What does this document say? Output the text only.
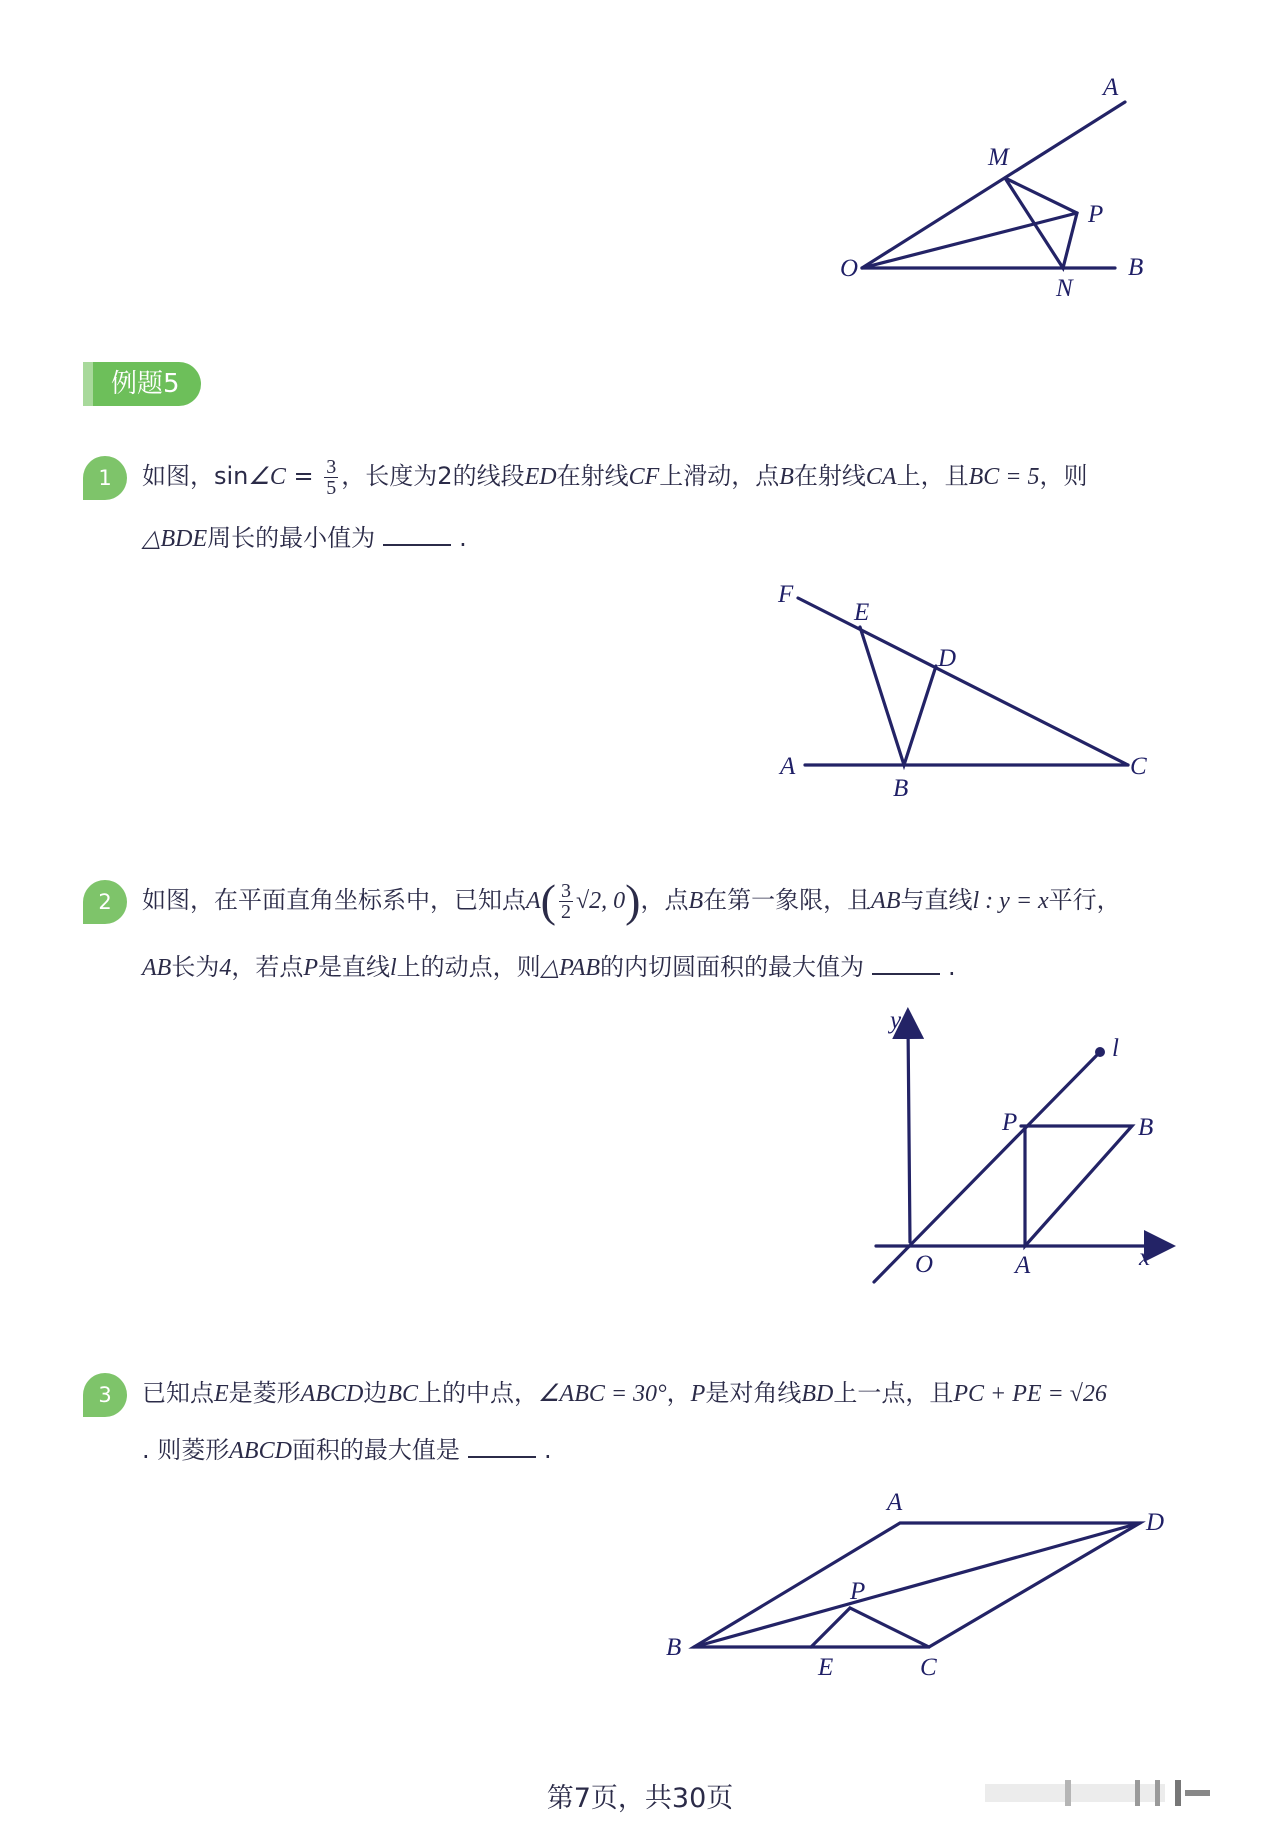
A
M
P
O
N
B
例题5
1	如图，sin∠C = $\frac{3}{5}$ ，长度为2的线段ED在射线CF上滑动，点B在射线CA上，且BC = 5，则
△BDE周长的最小值为	.
F
E
D
A
B
C
2	如图，在平面直角坐标系中，已知点$A( \frac{3}{2} √2$, 0)，点B在第一象限，且AB与直线l : y = x平行，
AB长为4，若点P是直线l上的动点，则△PAB的内切圆面积的最大值为	.
y
l
P	B
O	A	x
3	已知点E是菱形ABCD边BC上的中点，∠ABC = 30°，P是对角线BD上一点，且PC + PE = √26
. 则菱形ABCD面积的最大值是	.
A
D
P
B
E	C
第7页，共30页
